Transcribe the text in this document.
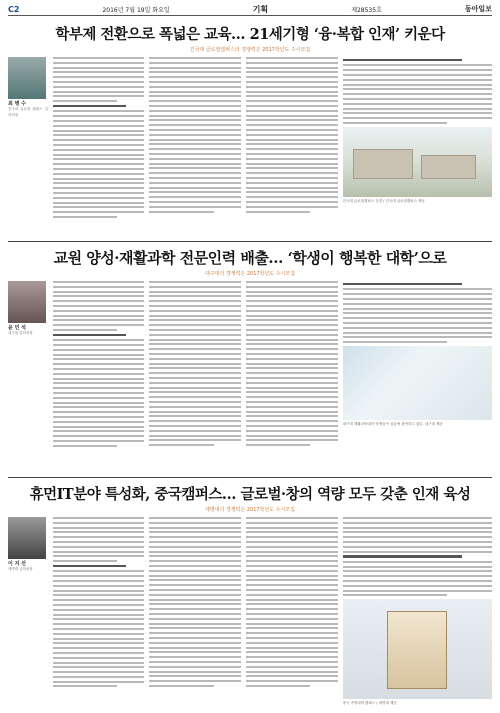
C2	2016년 7월 19일 화요일	기획	제28535호	동아일보
학부제 전환으로 폭넓은 교육… 21세기형 ‘융·복합 인재’ 키운다
건국대 글로컬캠퍼스의 경쟁력은 2017학년도 수시모집
최 병 수
건국대 글로컬 캠퍼스 입학처장
건국대 글로컬캠퍼스 전경 / 건국대 글로컬캠퍼스 제공
교원 양성·재활과학 전문인력 배출… ‘학생이 행복한 대학’으로
대구대의 경쟁력은 2017학년도 수시모집
윤 민 석
대구대 입학처장
대구대 재활과학대학 학생들이 실습에 참여하고 있다. 대구대 제공
휴먼IT분야 특성화, 중국캠퍼스… 글로벌·창의 역량 모두 갖춘 인재 육성
세명대의 경쟁력은 2017학년도 수시모집
이 지 선
세명대 입학처장
중국 속명대학 캠퍼스 / 세명대 제공
